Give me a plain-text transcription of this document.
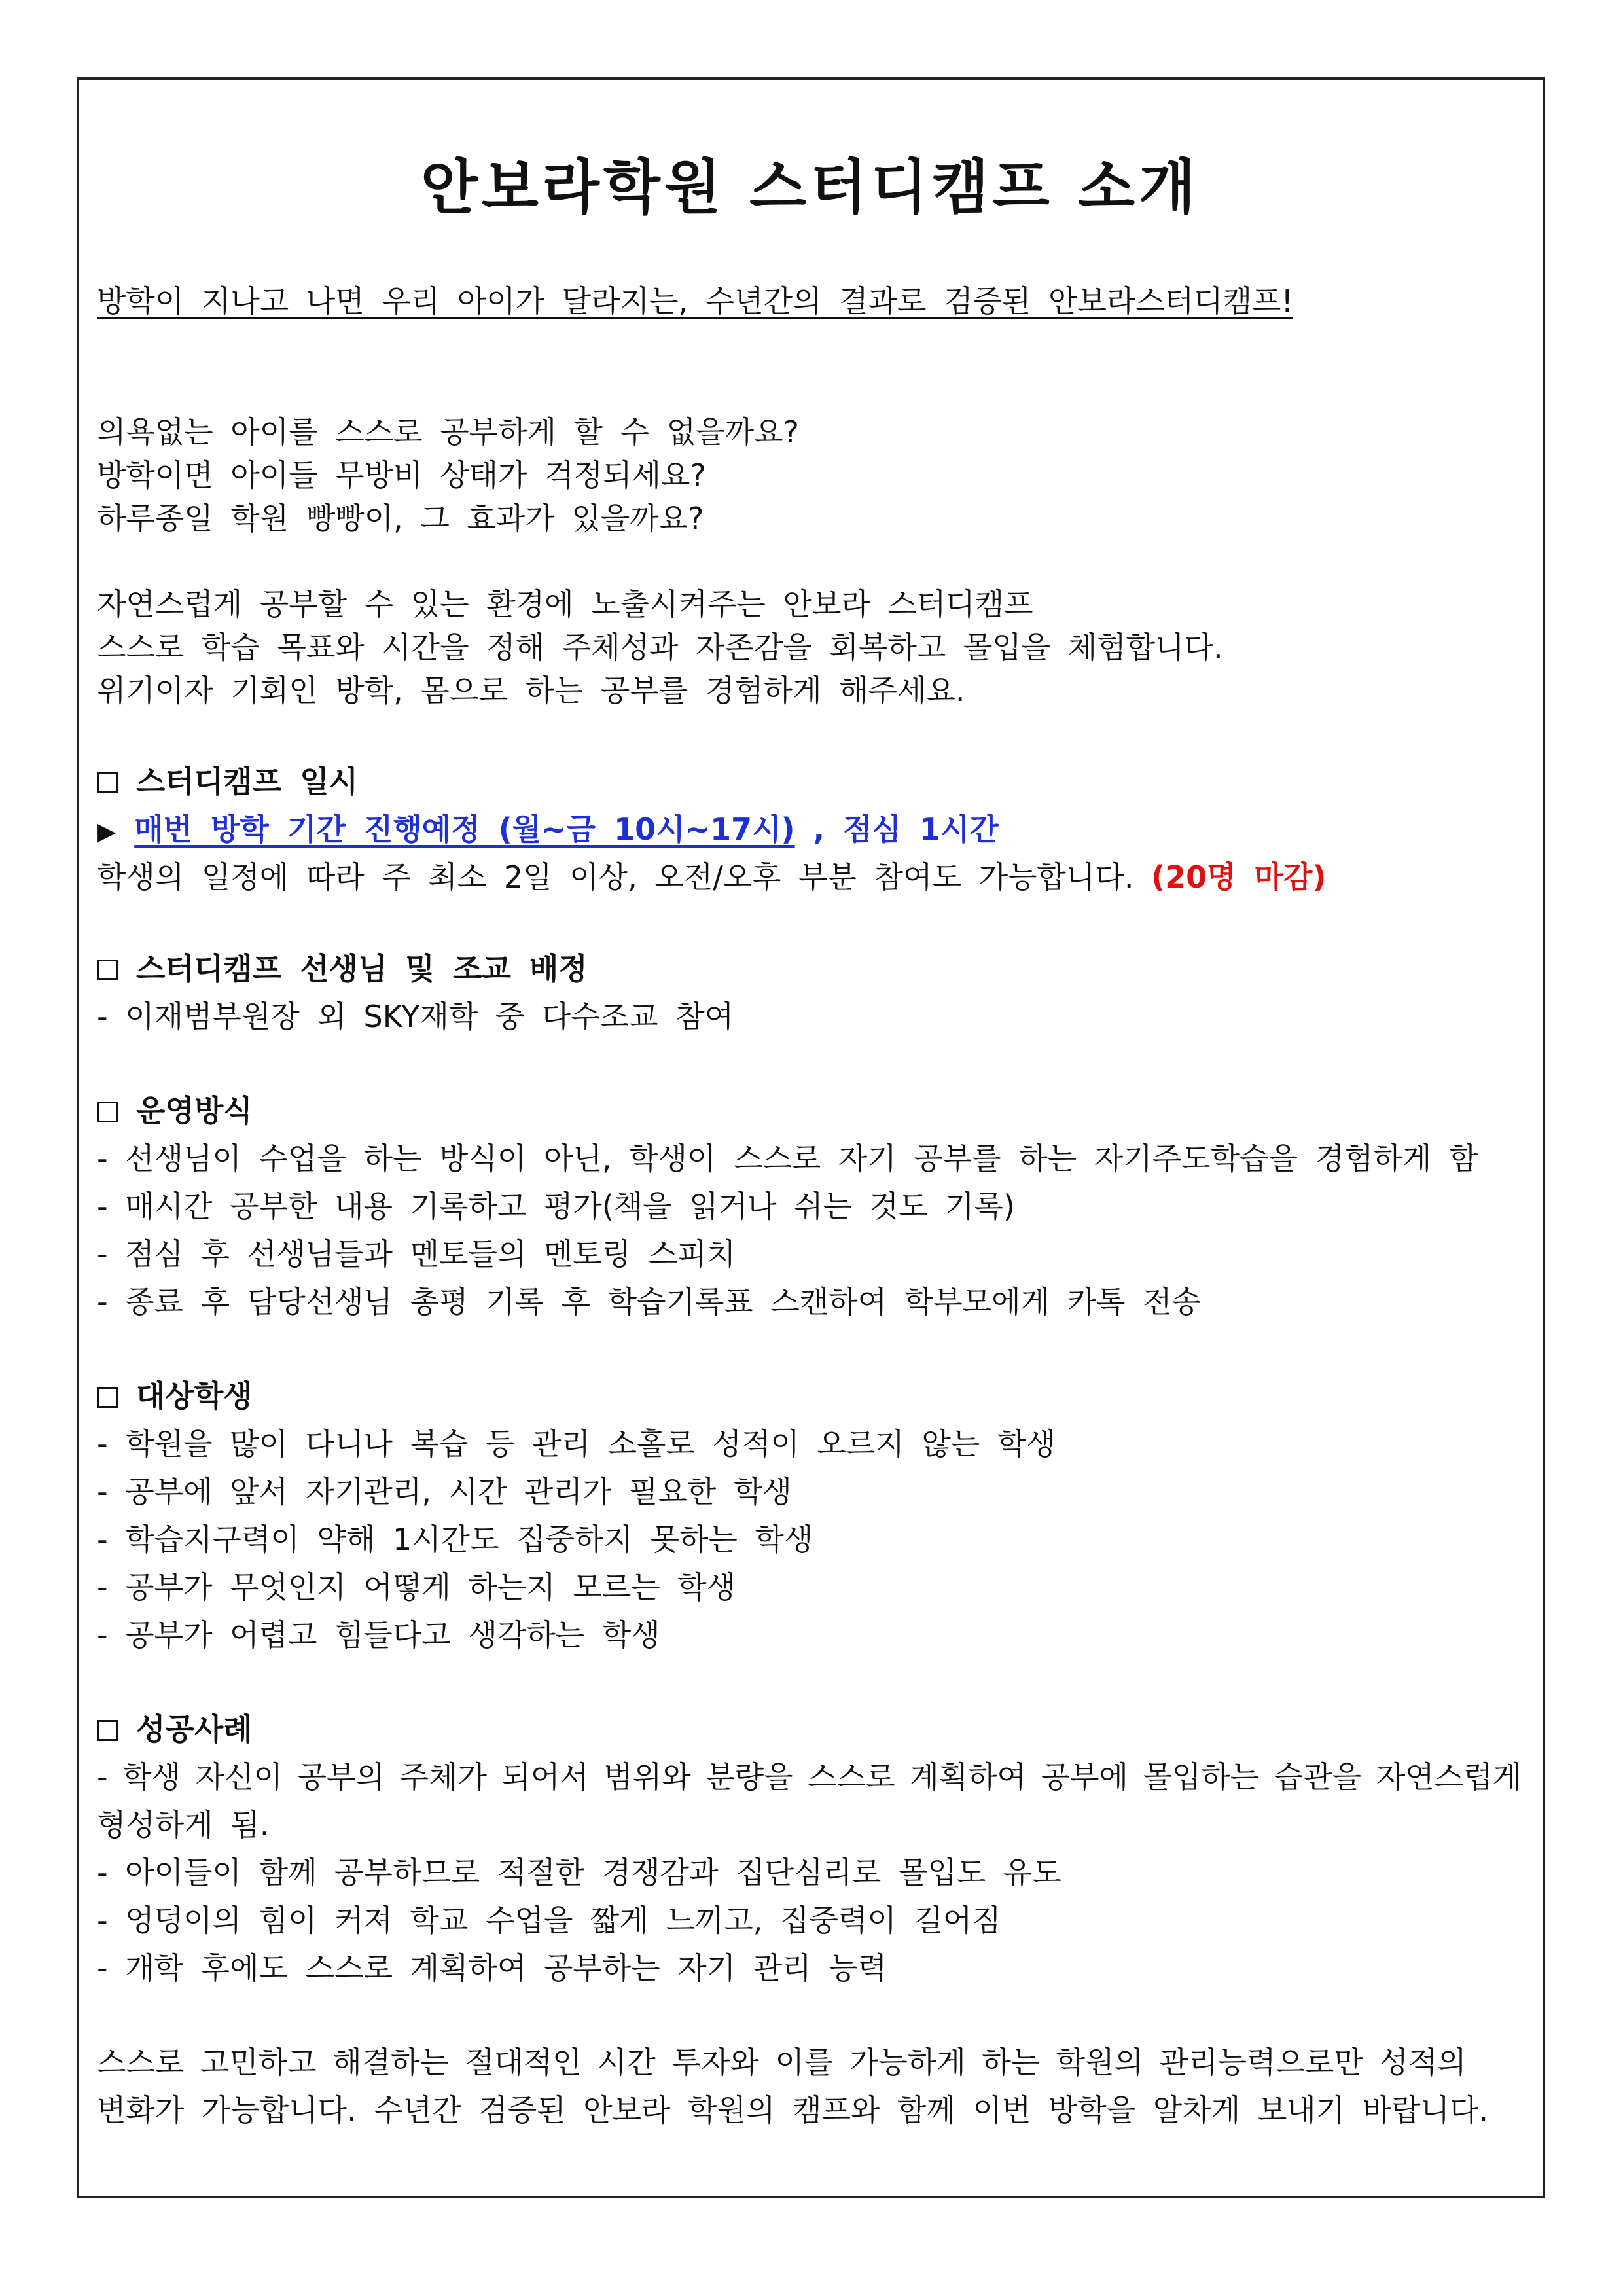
안보라학원 스터디캠프 소개
방학이 지나고 나면 우리 아이가 달라지는, 수년간의 결과로 검증된 안보라스터디캠프!
의욕없는 아이를 스스로 공부하게 할 수 없을까요?
방학이면 아이들 무방비 상태가 걱정되세요?
하루종일 학원 빵빵이, 그 효과가 있을까요?
자연스럽게 공부할 수 있는 환경에 노출시켜주는 안보라 스터디캠프
스스로 학습 목표와 시간을 정해 주체성과 자존감을 회복하고 몰입을 체험합니다.
위기이자 기회인 방학, 몸으로 하는 공부를 경험하게 해주세요.
스터디캠프 일시
▶ 매번 방학 기간 진행예정 (월~금 10시~17시) , 점심 1시간
학생의 일정에 따라 주 최소 2일 이상, 오전/오후 부분 참여도 가능합니다. (20명 마감)
스터디캠프 선생님 및 조교 배정
- 이재범부원장 외 SKY재학 중 다수조교 참여
운영방식
- 선생님이 수업을 하는 방식이 아닌, 학생이 스스로 자기 공부를 하는 자기주도학습을 경험하게 함
- 매시간 공부한 내용 기록하고 평가(책을 읽거나 쉬는 것도 기록)
- 점심 후 선생님들과 멘토들의 멘토링 스피치
- 종료 후 담당선생님 총평 기록 후 학습기록표 스캔하여 학부모에게 카톡 전송
대상학생
- 학원을 많이 다니나 복습 등 관리 소홀로 성적이 오르지 않는 학생
- 공부에 앞서 자기관리, 시간 관리가 필요한 학생
- 학습지구력이 약해 1시간도 집중하지 못하는 학생
- 공부가 무엇인지 어떻게 하는지 모르는 학생
- 공부가 어렵고 힘들다고 생각하는 학생
성공사례
- 학생 자신이 공부의 주체가 되어서 범위와 분량을 스스로 계획하여 공부에 몰입하는 습관을 자연스럽게
형성하게 됨.
- 아이들이 함께 공부하므로 적절한 경쟁감과 집단심리로 몰입도 유도
- 엉덩이의 힘이 커져 학교 수업을 짧게 느끼고, 집중력이 길어짐
- 개학 후에도 스스로 계획하여 공부하는 자기 관리 능력
스스로 고민하고 해결하는 절대적인 시간 투자와 이를 가능하게 하는 학원의 관리능력으로만 성적의
변화가 가능합니다. 수년간 검증된 안보라 학원의 캠프와 함께 이번 방학을 알차게 보내기 바랍니다.
